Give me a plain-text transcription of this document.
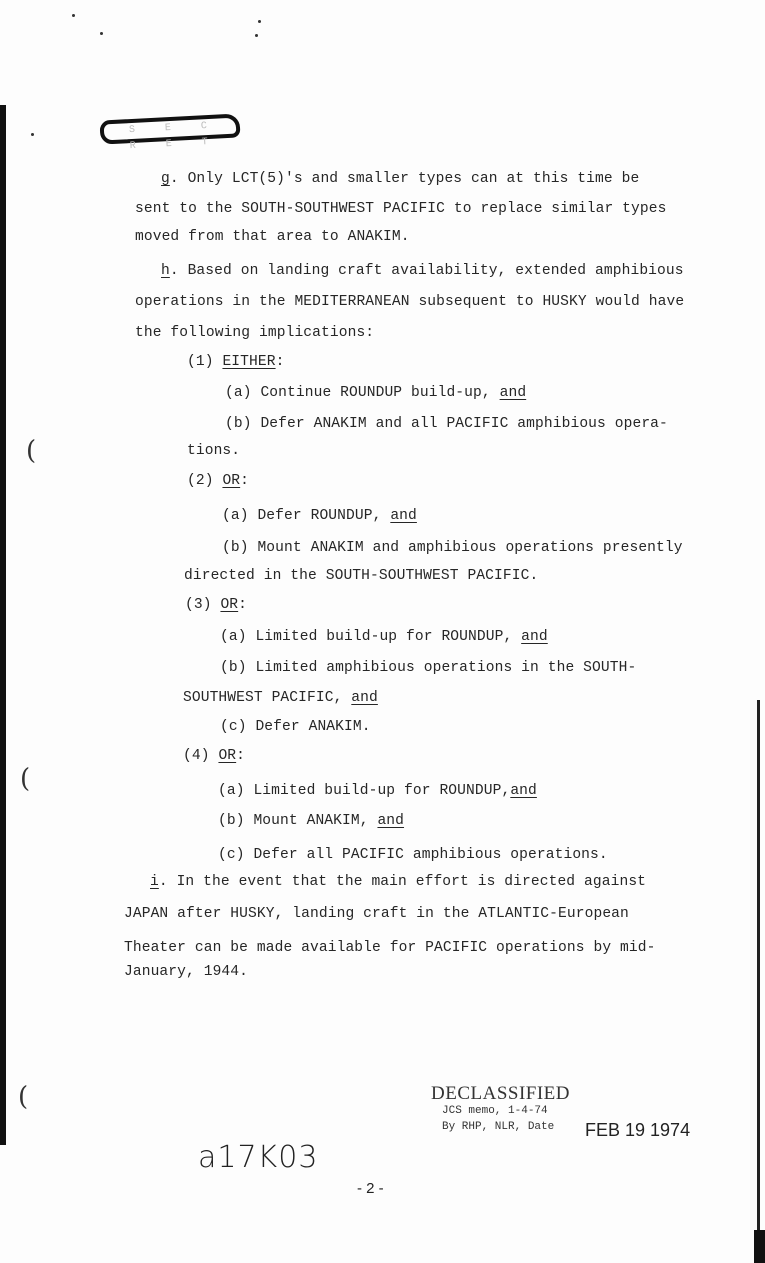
(
(
(
S E C R E T
g. Only LCT(5)'s and smaller types can at this time be
sent to the SOUTH-SOUTHWEST PACIFIC to replace similar types
moved from that area to ANAKIM.
h. Based on landing craft availability, extended amphibious
operations in the MEDITERRANEAN subsequent to HUSKY would have
the following implications:
(1) EITHER:
(a) Continue ROUNDUP build-up, and
(b) Defer ANAKIM and all PACIFIC amphibious opera-
tions.
(2) OR:
(a) Defer ROUNDUP, and
(b) Mount ANAKIM and amphibious operations presently
directed in the SOUTH-SOUTHWEST PACIFIC.
(3) OR:
(a) Limited build-up for ROUNDUP, and
(b) Limited amphibious operations in the SOUTH-
SOUTHWEST PACIFIC, and
(c) Defer ANAKIM.
(4) OR:
(a) Limited build-up for ROUNDUP,and
(b) Mount ANAKIM, and
(c) Defer all PACIFIC amphibious operations.
i. In the event that the main effort is directed against
JAPAN after HUSKY, landing craft in the ATLANTIC-European
Theater can be made available for PACIFIC operations by mid-
January, 1944.
DECLASSIFIED
JCS memo, 1-4-74
By RHP, NLR, Date FEB 19 1974
a17K03
- 2 -
